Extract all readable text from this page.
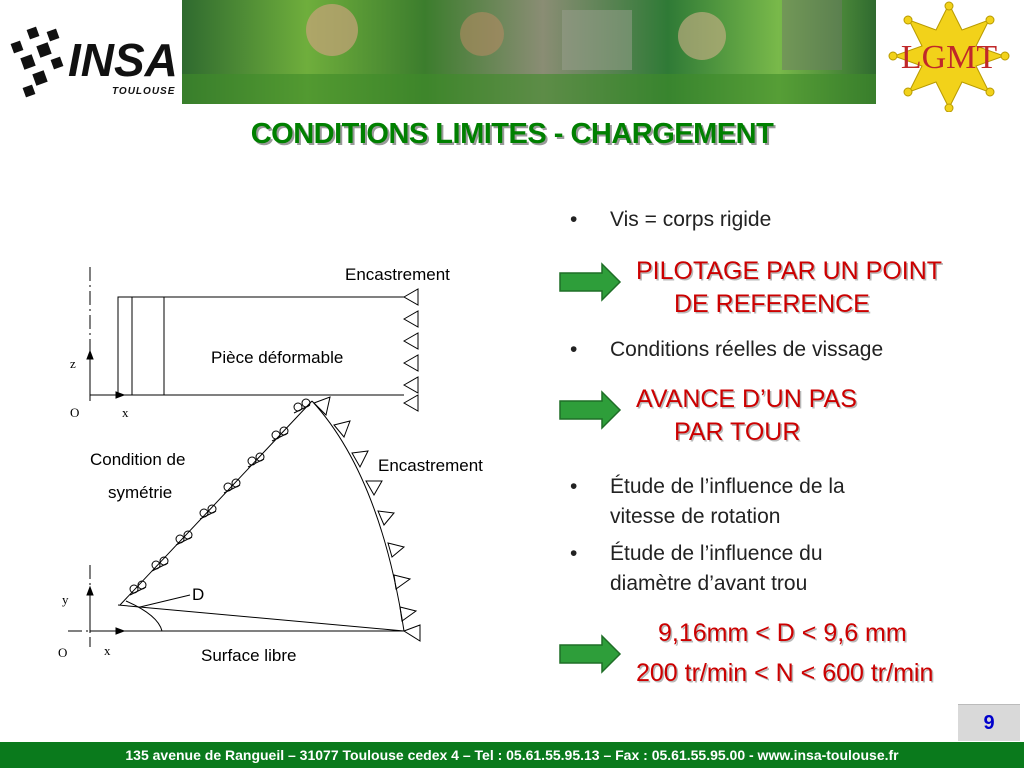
INSA
TOULOUSE
LGMT
CONDITIONS LIMITES - CHARGEMENT
Encastrement
Pièce déformable
Condition de
symétrie
Encastrement
Surface libre
D
z
O	x
y
O	x
• Vis = corps rigide
PILOTAGE PAR UN POINT
DE REFERENCE
• Conditions réelles de vissage
AVANCE D’UN PAS
PAR TOUR
• Étude de l’influence de la
vitesse de rotation
• Étude de l’influence du
diamètre d’avant trou
9,16mm < D < 9,6 mm
200 tr/min < N < 600 tr/min
9
135 avenue de Rangueil – 31077 Toulouse cedex 4 – Tel : 05.61.55.95.13 – Fax : 05.61.55.95.00 - www.insa-toulouse.fr
